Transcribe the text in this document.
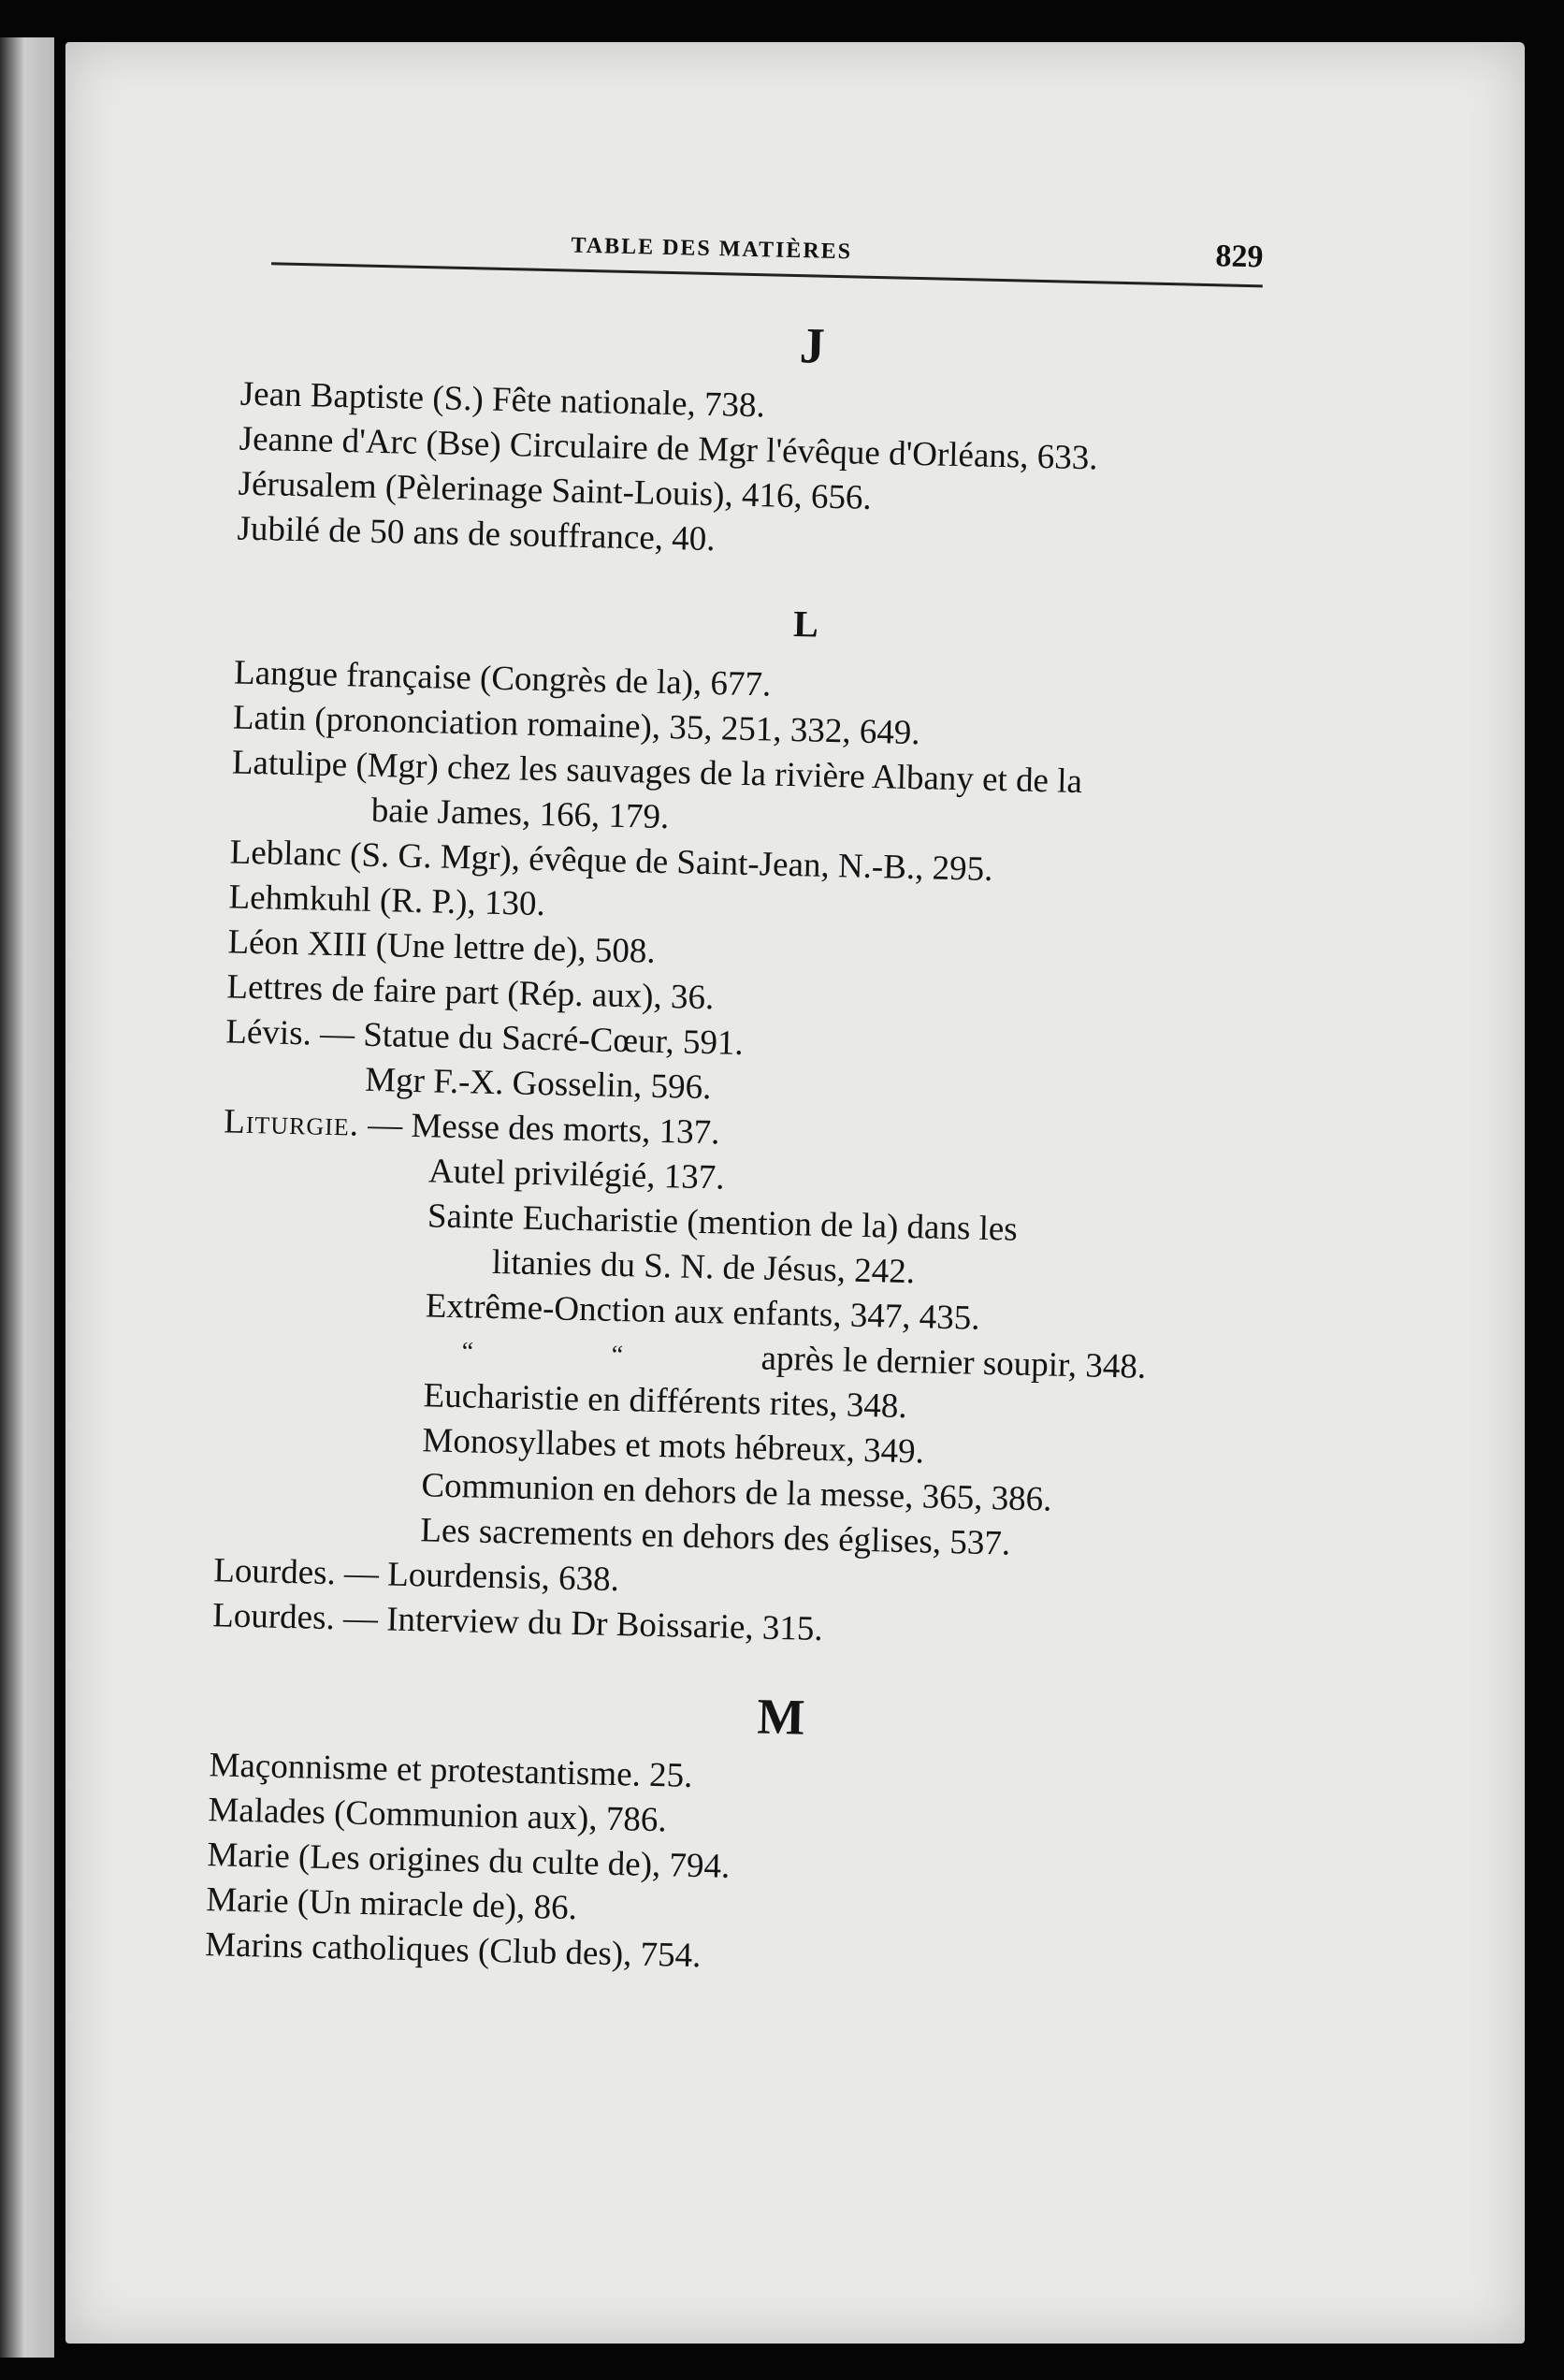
TABLE DES MATIÈRES	829
J
Jean Baptiste (S.) Fête nationale, 738.
Jeanne d'Arc (Bse) Circulaire de Mgr l'évêque d'Orléans, 633.
Jérusalem (Pèlerinage Saint-Louis), 416, 656.
Jubilé de 50 ans de souffrance, 40.
L
Langue française (Congrès de la), 677.
Latin (prononciation romaine), 35, 251, 332, 649.
Latulipe (Mgr) chez les sauvages de la rivière Albany et de la
baie James, 166, 179.
Leblanc (S. G. Mgr), évêque de Saint-Jean, N.-B., 295.
Lehmkuhl (R. P.), 130.
Léon XIII (Une lettre de), 508.
Lettres de faire part (Rép. aux), 36.
Lévis. — Statue du Sacré-Cœur, 591.
Mgr F.-X. Gosselin, 596.
Liturgie. — Messe des morts, 137.
Autel privilégié, 137.
Sainte Eucharistie (mention de la) dans les
litanies du S. N. de Jésus, 242.
Extrême-Onction aux enfants, 347, 435.
“	“	après le dernier soupir, 348.
Eucharistie en différents rites, 348.
Monosyllabes et mots hébreux, 349.
Communion en dehors de la messe, 365, 386.
Les sacrements en dehors des églises, 537.
Lourdes. — Lourdensis, 638.
Lourdes. — Interview du Dr Boissarie, 315.
M
Maçonnisme et protestantisme. 25.
Malades (Communion aux), 786.
Marie (Les origines du culte de), 794.
Marie (Un miracle de), 86.
Marins catholiques (Club des), 754.
